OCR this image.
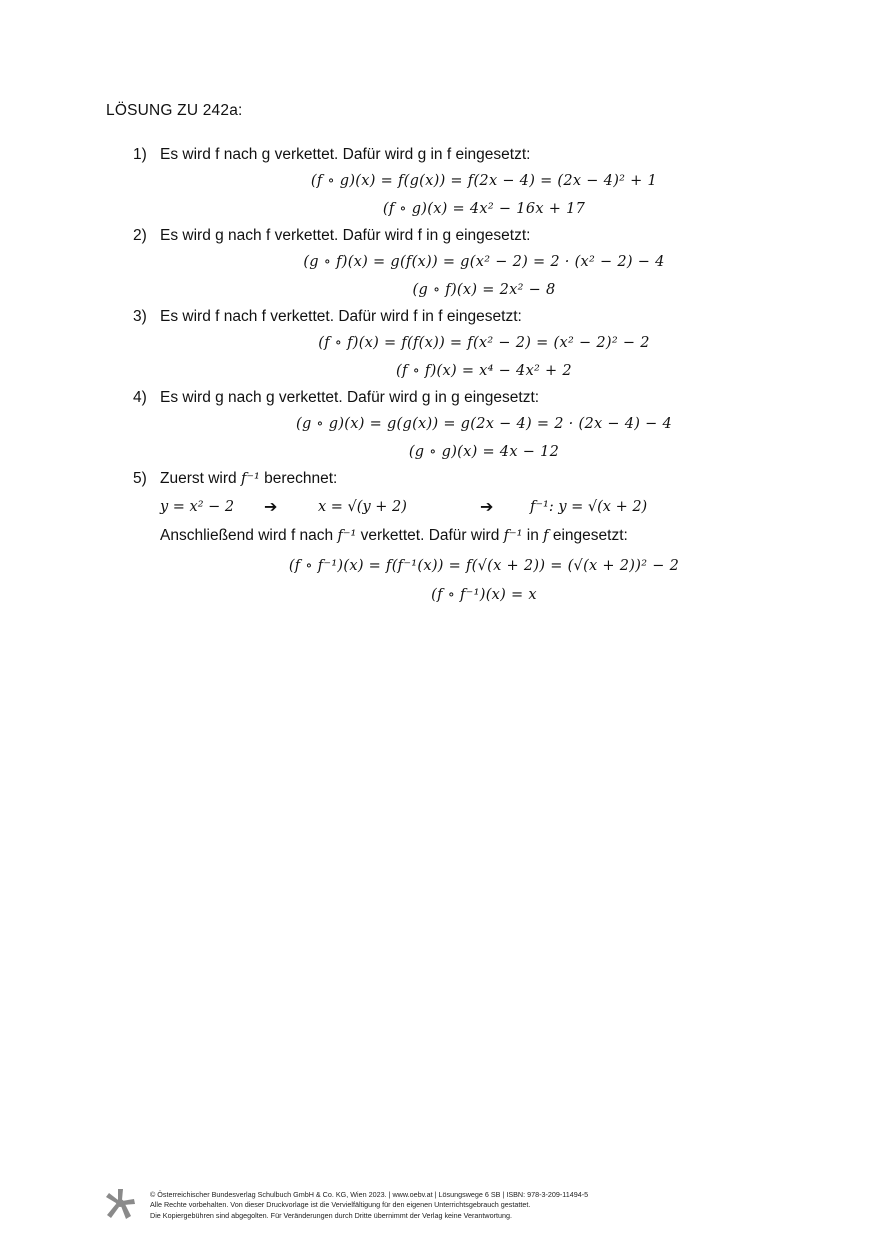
LÖSUNG ZU 242a:
1) Es wird f nach g verkettet. Dafür wird g in f eingesetzt:
(f ∘ g)(x) = f(g(x)) = f(2x − 4) = (2x − 4)² + 1
(f ∘ g)(x) = 4x² − 16x + 17
2) Es wird g nach f verkettet. Dafür wird f in g eingesetzt:
(g ∘ f)(x) = g(f(x)) = g(x² − 2) = 2 · (x² − 2) − 4
(g ∘ f)(x) = 2x² − 8
3) Es wird f nach f verkettet. Dafür wird f in f eingesetzt:
(f ∘ f)(x) = f(f(x)) = f(x² − 2) = (x² − 2)² − 2
(f ∘ f)(x) = x⁴ − 4x² + 2
4) Es wird g nach g verkettet. Dafür wird g in g eingesetzt:
(g ∘ g)(x) = g(g(x)) = g(2x − 4) = 2 · (2x − 4) − 4
(g ∘ g)(x) = 4x − 12
5) Zuerst wird f⁻¹ berechnet:
y = x² − 2 ➔	x = √(y + 2)	➔	f⁻¹: y = √(x + 2)
Anschließend wird f nach f⁻¹ verkettet. Dafür wird f⁻¹ in f eingesetzt:
(f ∘ f⁻¹)(x) = f(f⁻¹(x)) = f(√(x + 2)) = (√(x + 2))² − 2
(f ∘ f⁻¹)(x) = x
© Österreichischer Bundesverlag Schulbuch GmbH & Co. KG, Wien 2023. | www.oebv.at | Lösungswege 6 SB | ISBN: 978-3-209-11494-5
Alle Rechte vorbehalten. Von dieser Druckvorlage ist die Vervielfältigung für den eigenen Unterrichtsgebrauch gestattet.
Die Kopiergebühren sind abgegolten. Für Veränderungen durch Dritte übernimmt der Verlag keine Verantwortung.
